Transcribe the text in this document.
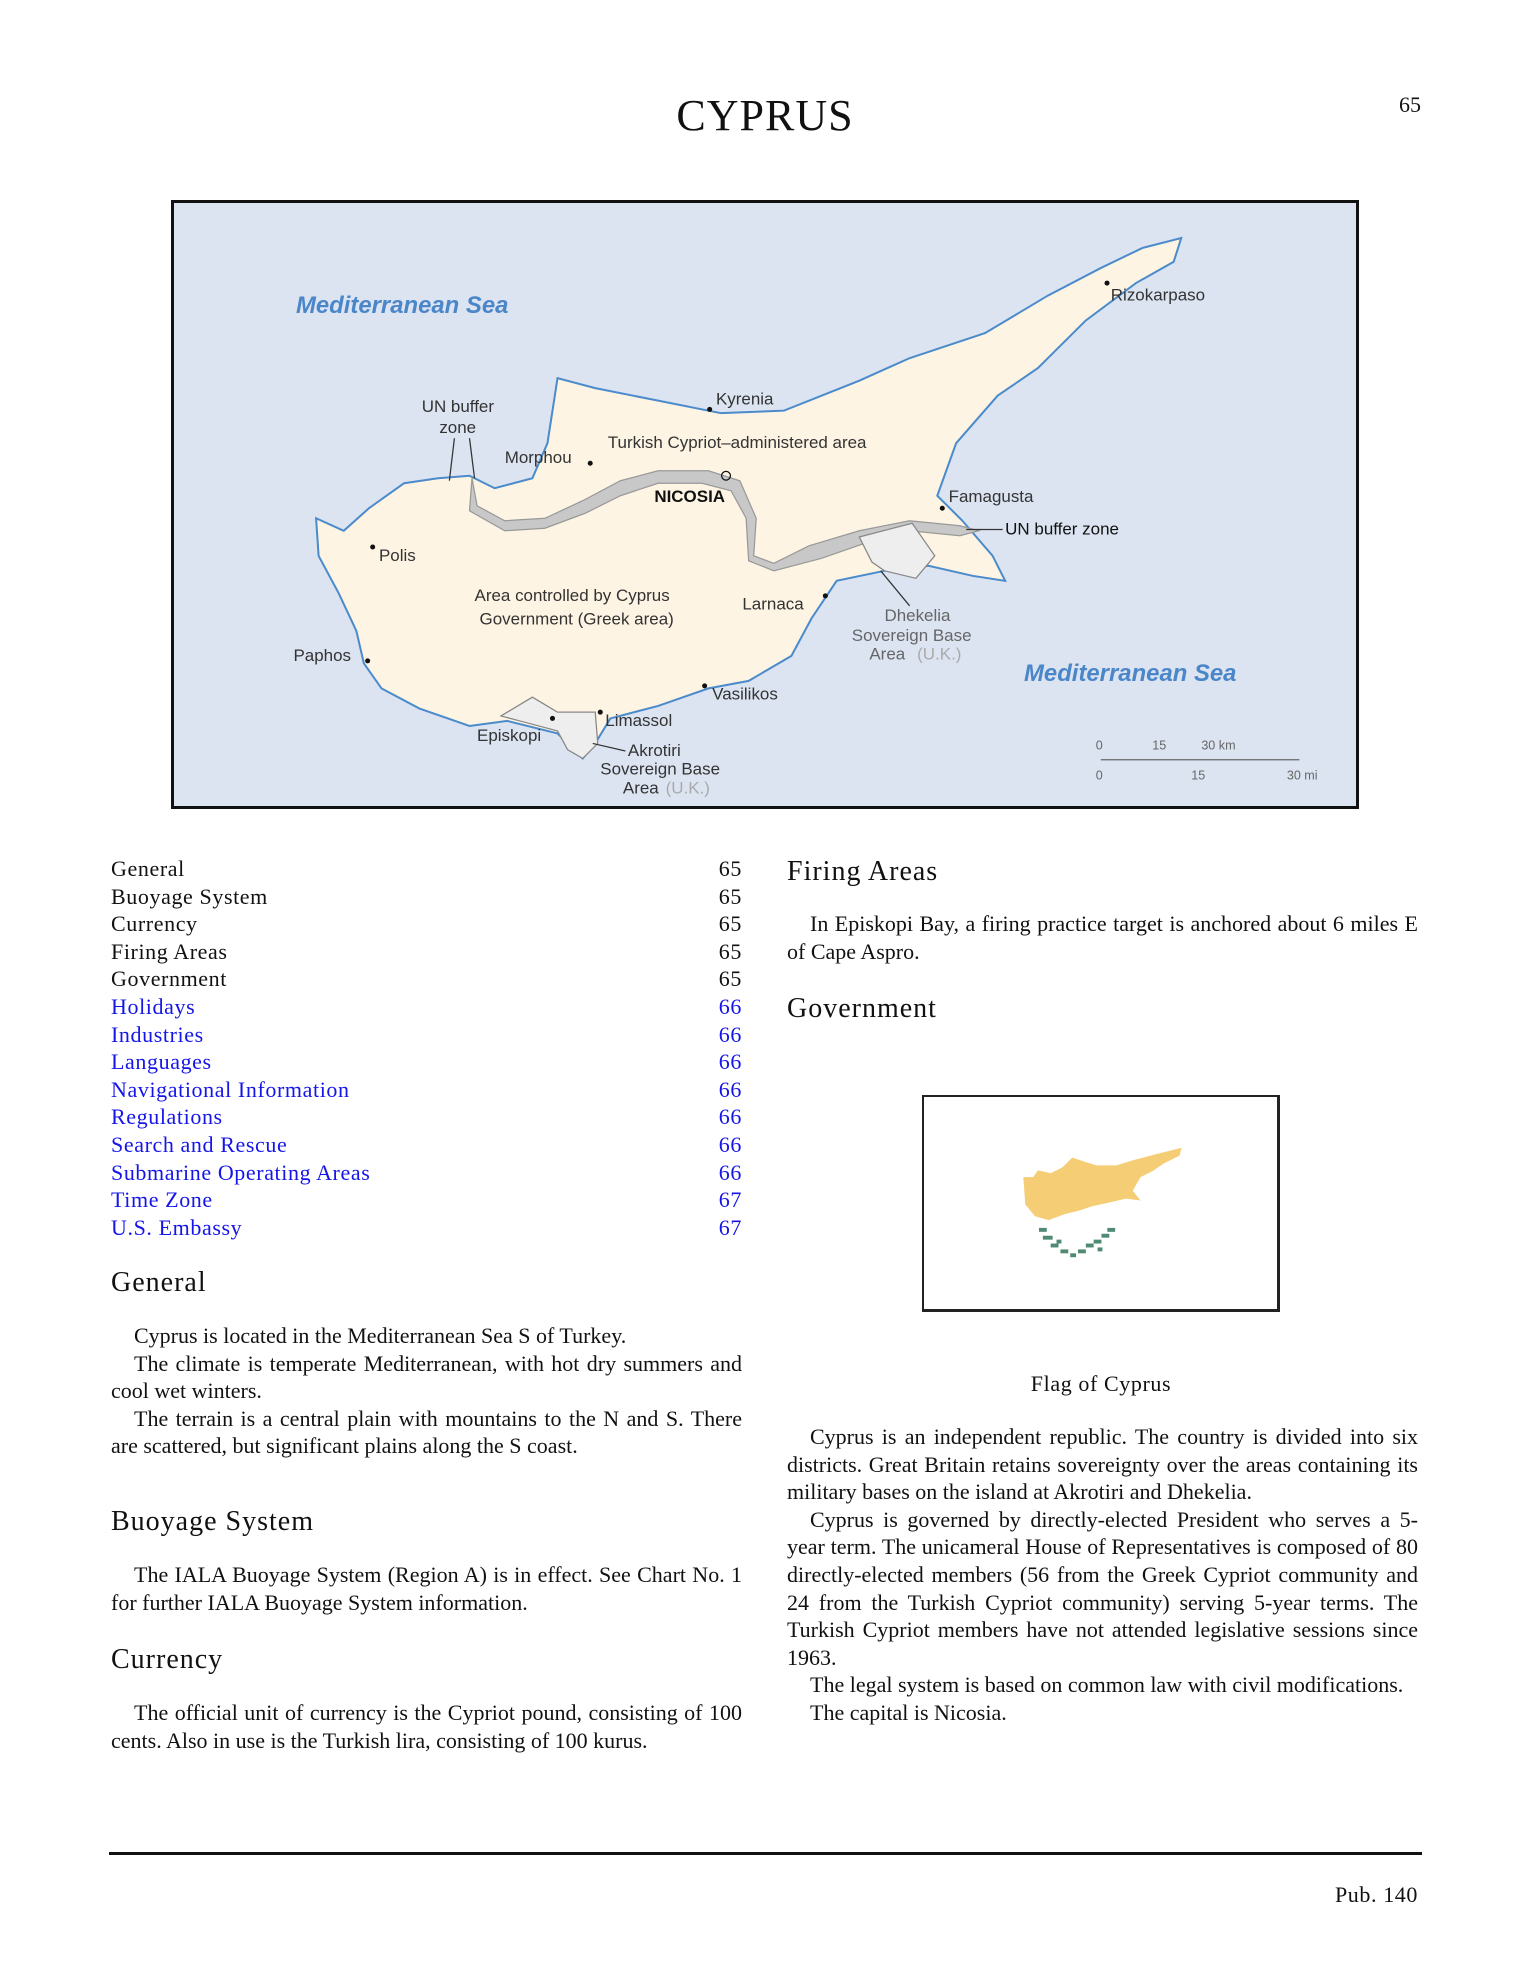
CYPRUS	65
Mediterranean Sea
Mediterranean Sea
Rizokarpaso
Kyrenia
Morphou
NICOSIA	Famagusta
Polis
Larnaca
Paphos
Vasilikos
Limassol
Episkopi
UN buffer
zone
Turkish Cypriot–administered area
UN buffer zone
Area controlled by Cyprus
Government (Greek area)	Dhekelia
Sovereign Base
Area (U.K.)
Akrotiri
Sovereign Base
Area (U.K.)
0	15	30 km
0	15	30 mi
General	65
Buoyage System	65
Currency	65
Firing Areas	65
Government	65
Holidays	66
Industries	66
Languages	66
Navigational Information	66
Regulations	66
Search and Rescue	66
Submarine Operating Areas	66
Time Zone	67
U.S. Embassy	67
General

Cyprus is located in the Mediterranean Sea S of Turkey.

The climate is temperate Mediterranean, with hot dry summers and cool wet winters.

The terrain is a central plain with mountains to the N and S. There are scattered, but significant plains along the S coast.

Buoyage System

The IALA Buoyage System (Region A) is in effect. See Chart No. 1 for further IALA Buoyage System information.

Currency

The official unit of currency is the Cypriot pound, consisting of 100 cents. Also in use is the Turkish lira, consisting of 100 kurus.

Firing Areas

In Episkopi Bay, a firing practice target is anchored about 6 miles E of Cape Aspro.

Government
Flag of Cyprus

Cyprus is an independent republic. The country is divided into six districts. Great Britain retains sovereignty over the areas containing its military bases on the island at Akrotiri and Dhekelia.

Cyprus is governed by directly-elected President who serves a 5-year term. The unicameral House of Representatives is composed of 80 directly-elected members (56 from the Greek Cypriot community and 24 from the Turkish Cypriot community) serving 5-year terms. The Turkish Cypriot members have not attended legislative sessions since 1963.

The legal system is based on common law with civil modifications.

The capital is Nicosia.

Pub. 140
